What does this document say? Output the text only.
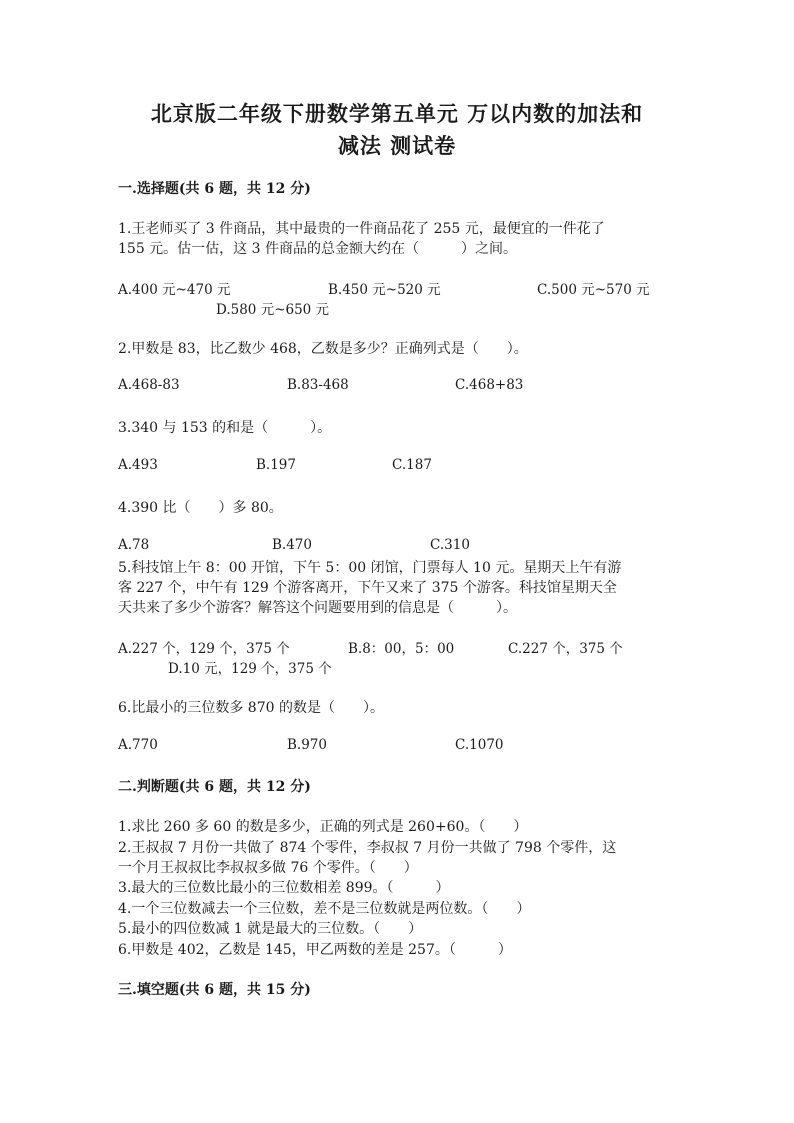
北京版二年级下册数学第五单元 万以内数的加法和
减法 测试卷
一.选择题(共 6 题，共 12 分)
1.王老师买了 3 件商品，其中最贵的一件商品花了 255 元，最便宜的一件花了
155 元。估一估，这 3 件商品的总金额大约在（　　　）之间。
A.400 元~470 元	B.450 元~520 元	C.500 元~570 元
D.580 元~650 元
2.甲数是 83，比乙数少 468，乙数是多少？正确列式是（　　）。
A.468-83	B.83-468	C.468+83
3.340 与 153 的和是（　　　）。
A.493	B.197	C.187
4.390 比（　　）多 80。
A.78	B.470	C.310
5.科技馆上午 8：00 开馆，下午 5：00 闭馆，门票每人 10 元。星期天上午有游
客 227 个，中午有 129 个游客离开，下午又来了 375 个游客。科技馆星期天全
天共来了多少个游客？解答这个问题要用到的信息是（　　　）。
A.227 个，129 个，375 个	B.8：00，5：00	C.227 个，375 个
D.10 元，129 个，375 个
6.比最小的三位数多 870 的数是（　　）。
A.770	B.970	C.1070
二.判断题(共 6 题，共 12 分)
1.求比 260 多 60 的数是多少，正确的列式是 260+60。（　　）
2.王叔叔 7 月份一共做了 874 个零件，李叔叔 7 月份一共做了 798 个零件，这
一个月王叔叔比李叔叔多做 76 个零件。（　　）
3.最大的三位数比最小的三位数相差 899。（　　　）
4.一个三位数减去一个三位数，差不是三位数就是两位数。（　　）
5.最小的四位数减 1 就是最大的三位数。（　　）
6.甲数是 402，乙数是 145，甲乙两数的差是 257。（　　　）
三.填空题(共 6 题，共 15 分)
